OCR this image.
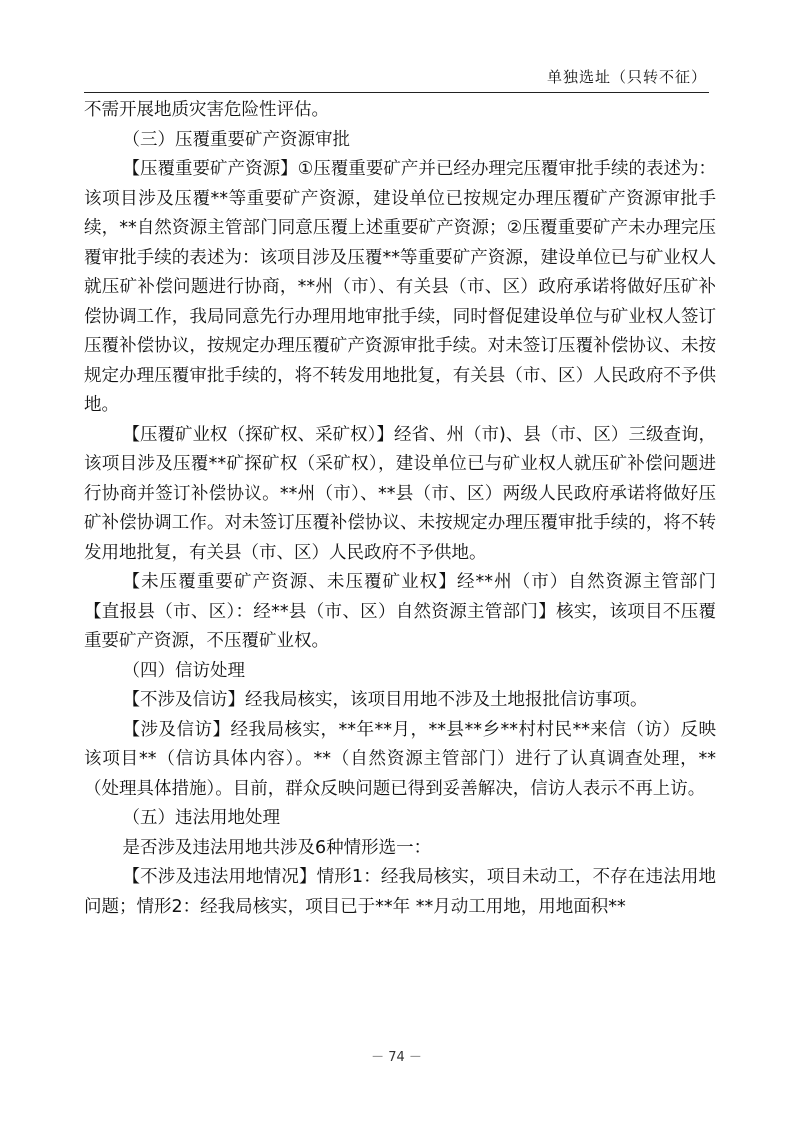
单独选址（只转不征）

不需开展地质灾害危险性评估。

（三）压覆重要矿产资源审批

【压覆重要矿产资源】①压覆重要矿产并已经办理完压覆审批手续的表述为：该项目涉及压覆**等重要矿产资源，建设单位已按规定办理压覆矿产资源审批手续，**自然资源主管部门同意压覆上述重要矿产资源；②压覆重要矿产未办理完压覆审批手续的表述为：该项目涉及压覆**等重要矿产资源，建设单位已与矿业权人就压矿补偿问题进行协商，**州（市）、有关县（市、区）政府承诺将做好压矿补偿协调工作，我局同意先行办理用地审批手续，同时督促建设单位与矿业权人签订压覆补偿协议，按规定办理压覆矿产资源审批手续。对未签订压覆补偿协议、未按规定办理压覆审批手续的，将不转发用地批复，有关县（市、区）人民政府不予供地。

【压覆矿业权（探矿权、采矿权）】经省、州（市)、县（市、区）三级查询，该项目涉及压覆**矿探矿权（采矿权），建设单位已与矿业权人就压矿补偿问题进行协商并签订补偿协议。**州（市）、**县（市、区）两级人民政府承诺将做好压矿补偿协调工作。对未签订压覆补偿协议、未按规定办理压覆审批手续的，将不转发用地批复，有关县（市、区）人民政府不予供地。

【未压覆重要矿产资源、未压覆矿业权】经**州（市）自然资源主管部门【直报县（市、区）：经**县（市、区）自然资源主管部门】核实，该项目不压覆重要矿产资源，不压覆矿业权。

（四）信访处理

【不涉及信访】经我局核实，该项目用地不涉及土地报批信访事项。

【涉及信访】经我局核实，**年**月，**县**乡**村村民**来信（访）反映该项目**（信访具体内容）。**（自然资源主管部门）进行了认真调查处理，**（处理具体措施）。目前，群众反映问题已得到妥善解决，信访人表示不再上访。

（五）违法用地处理

是否涉及违法用地共涉及6种情形选一：

【不涉及违法用地情况】情形1：经我局核实，项目未动工，不存在违法用地问题；情形2：经我局核实，项目已于**年 **月动工用地，用地面积**

－ 74 －
